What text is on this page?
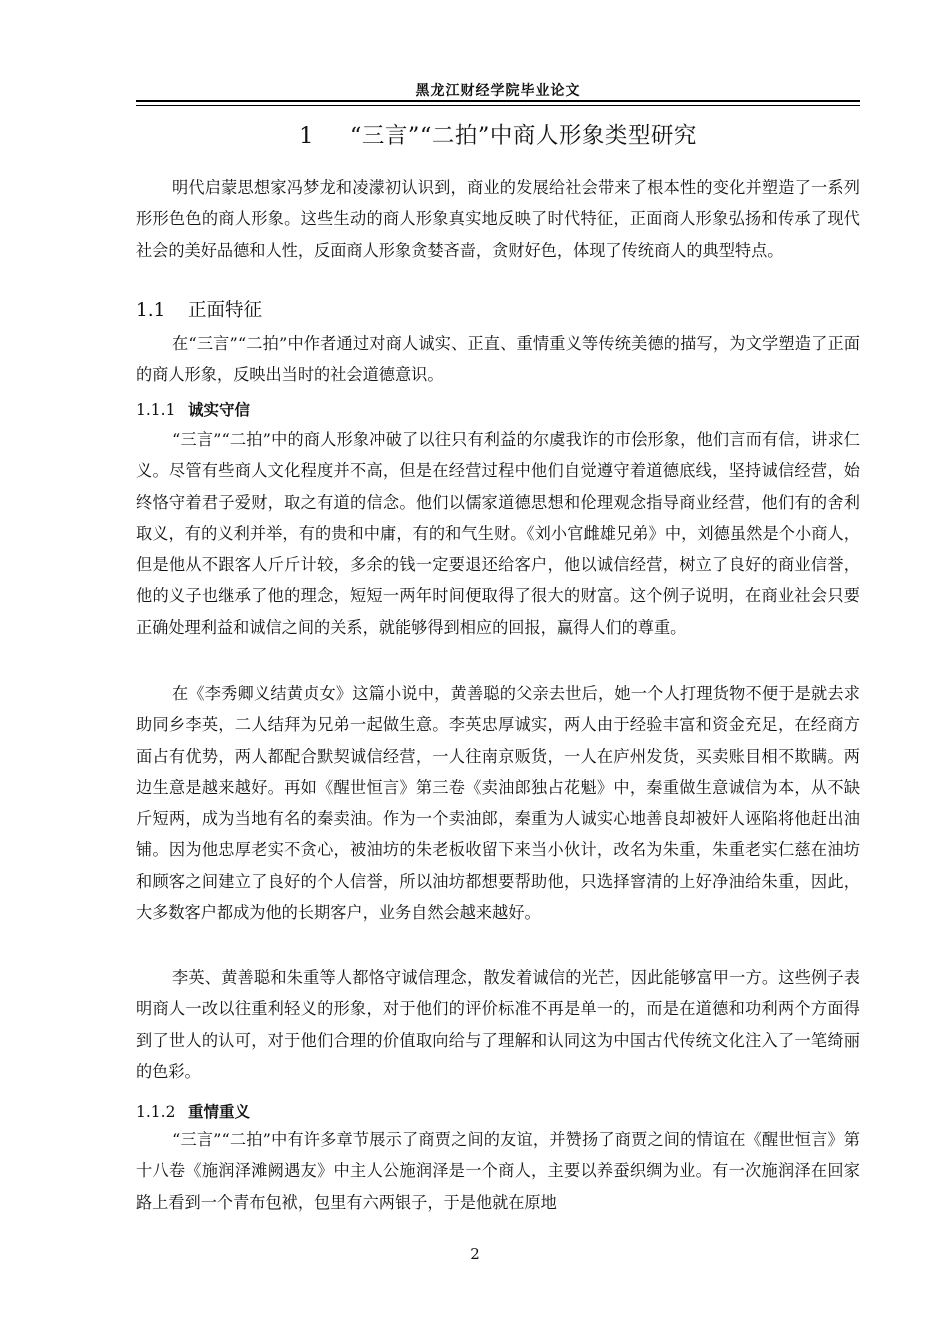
黑龙江财经学院毕业论文
1 “三言”“二拍”中商人形象类型研究

明代启蒙思想家冯梦龙和凌濛初认识到，商业的发展给社会带来了根本性的变化并塑造了一系列形形色色的商人形象。这些生动的商人形象真实地反映了时代特征，正面商人形象弘扬和传承了现代社会的美好品德和人性，反面商人形象贪婪吝啬，贪财好色，体现了传统商人的典型特点。

1.1 正面特征

在“三言”“二拍”中作者通过对商人诚实、正直、重情重义等传统美德的描写，为文学塑造了正面的商人形象，反映出当时的社会道德意识。

1.1.1 诚实守信

“三言”“二拍”中的商人形象冲破了以往只有利益的尔虞我诈的市侩形象，他们言而有信，讲求仁义。尽管有些商人文化程度并不高，但是在经营过程中他们自觉遵守着道德底线，坚持诚信经营，始终恪守着君子爱财，取之有道的信念。他们以儒家道德思想和伦理观念指导商业经营，他们有的舍利取义，有的义利并举，有的贵和中庸，有的和气生财。《刘小官雌雄兄弟》中，刘德虽然是个小商人，但是他从不跟客人斤斤计较，多余的钱一定要退还给客户，他以诚信经营，树立了良好的商业信誉，他的义子也继承了他的理念，短短一两年时间便取得了很大的财富。这个例子说明，在商业社会只要正确处理利益和诚信之间的关系，就能够得到相应的回报，赢得人们的尊重。

在《李秀卿义结黄贞女》这篇小说中，黄善聪的父亲去世后，她一个人打理货物不便于是就去求助同乡李英，二人结拜为兄弟一起做生意。李英忠厚诚实，两人由于经验丰富和资金充足，在经商方面占有优势，两人都配合默契诚信经营，一人往南京贩货，一人在庐州发货，买卖账目相不欺瞒。两边生意是越来越好。再如《醒世恒言》第三卷《卖油郎独占花魁》中，秦重做生意诚信为本，从不缺斤短两，成为当地有名的秦卖油。作为一个卖油郎，秦重为人诚实心地善良却被奸人诬陷将他赶出油铺。因为他忠厚老实不贪心，被油坊的朱老板收留下来当小伙计，改名为朱重，朱重老实仁慈在油坊和顾客之间建立了良好的个人信誉，所以油坊都想要帮助他，只选择窨清的上好净油给朱重，因此，大多数客户都成为他的长期客户，业务自然会越来越好。

李英、黄善聪和朱重等人都恪守诚信理念，散发着诚信的光芒，因此能够富甲一方。这些例子表明商人一改以往重利轻义的形象，对于他们的评价标准不再是单一的，而是在道德和功利两个方面得到了世人的认可，对于他们合理的价值取向给与了理解和认同这为中国古代传统文化注入了一笔绮丽的色彩。

1.1.2 重情重义

“三言”“二拍”中有许多章节展示了商贾之间的友谊，并赞扬了商贾之间的情谊在《醒世恒言》第十八卷《施润泽滩阙遇友》中主人公施润泽是一个商人，主要以养蚕织绸为业。有一次施润泽在回家路上看到一个青布包袱，包里有六两银子，于是他就在原地

2
